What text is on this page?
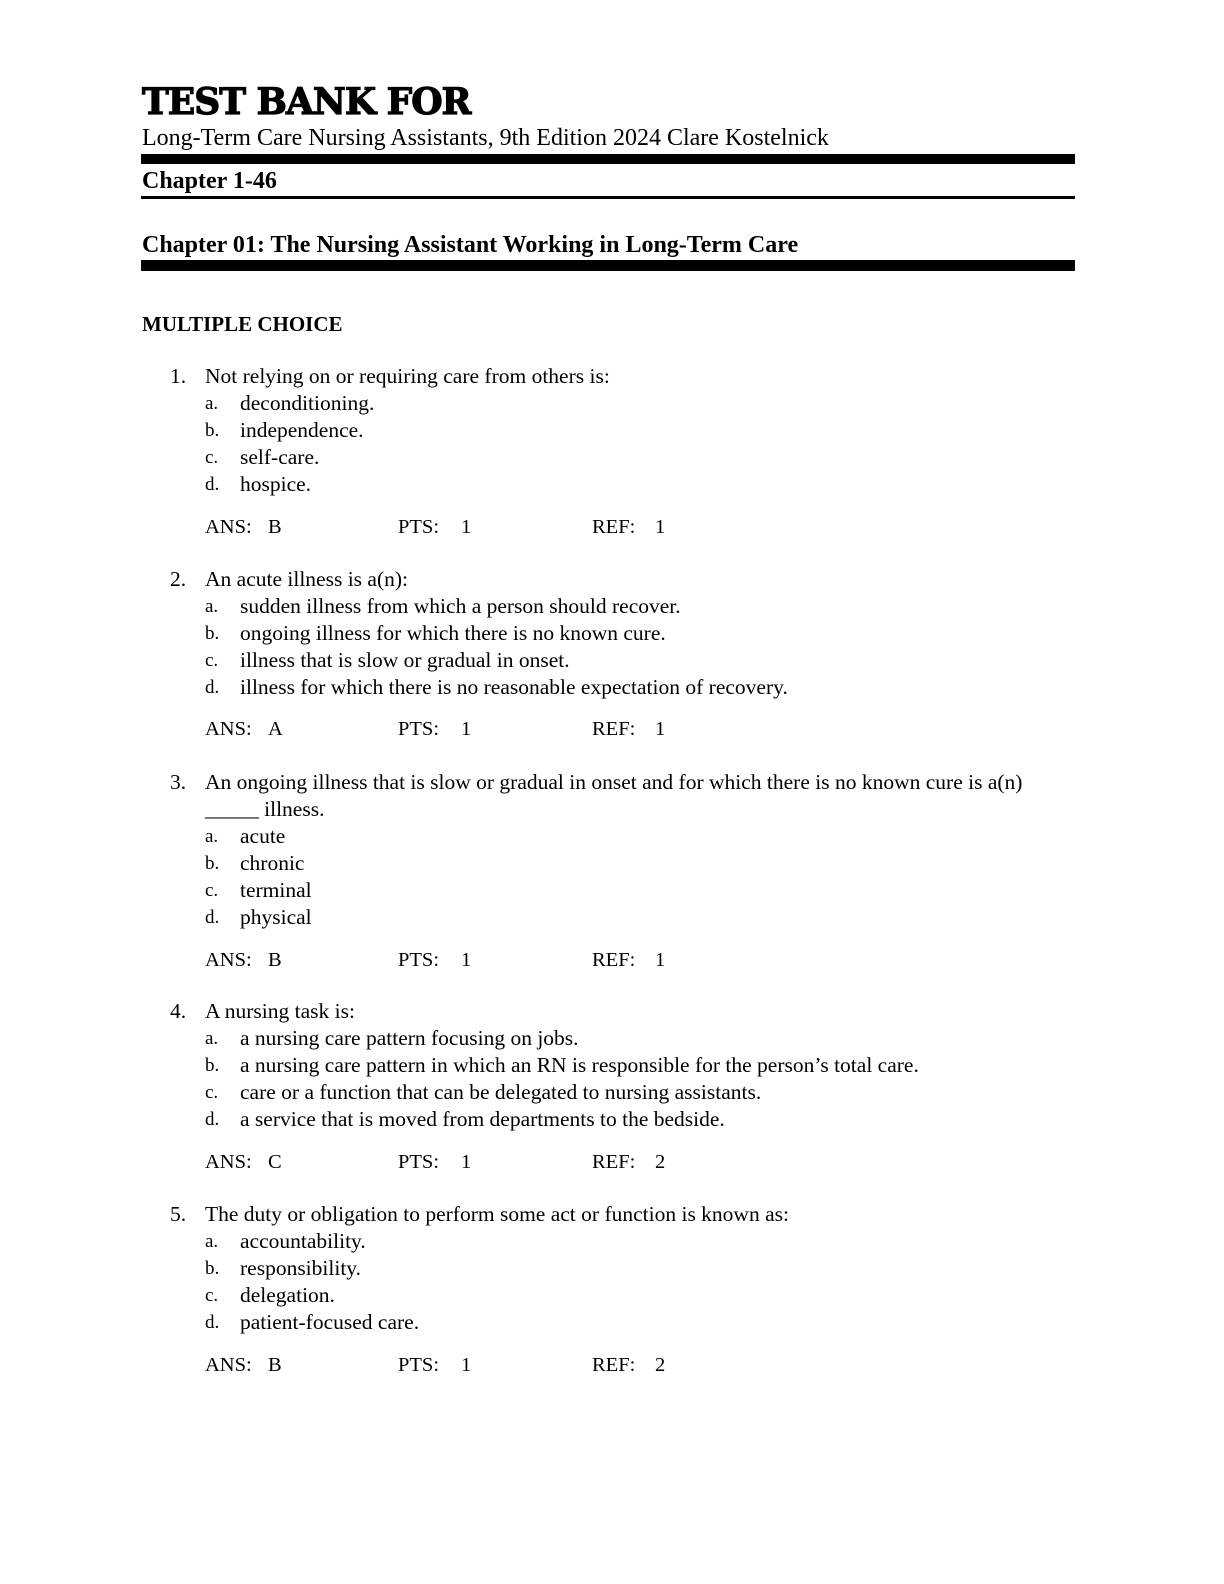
TEST BANK FOR
Long-Term Care Nursing Assistants, 9th Edition 2024 Clare Kostelnick
Chapter 1-46
Chapter 01: The Nursing Assistant Working in Long-Term Care
MULTIPLE CHOICE
1. Not relying on or requiring care from others is:
a. deconditioning.
b. independence.
c. self-care.
d. hospice.
ANS: B	PTS: 1	REF: 1
2. An acute illness is a(n):
a. sudden illness from which a person should recover.
b. ongoing illness for which there is no known cure.
c. illness that is slow or gradual in onset.
d. illness for which there is no reasonable expectation of recovery.
ANS: A	PTS: 1	REF: 1
3. An ongoing illness that is slow or gradual in onset and for which there is no known cure is a(n) _____ illness.
a. acute
b. chronic
c. terminal
d. physical
ANS: B	PTS: 1	REF: 1
4. A nursing task is:
a. a nursing care pattern focusing on jobs.
b. a nursing care pattern in which an RN is responsible for the person’s total care.
c. care or a function that can be delegated to nursing assistants.
d. a service that is moved from departments to the bedside.
ANS: C	PTS: 1	REF: 2
5. The duty or obligation to perform some act or function is known as:
a. accountability.
b. responsibility.
c. delegation.
d. patient-focused care.
ANS: B	PTS: 1	REF: 2
